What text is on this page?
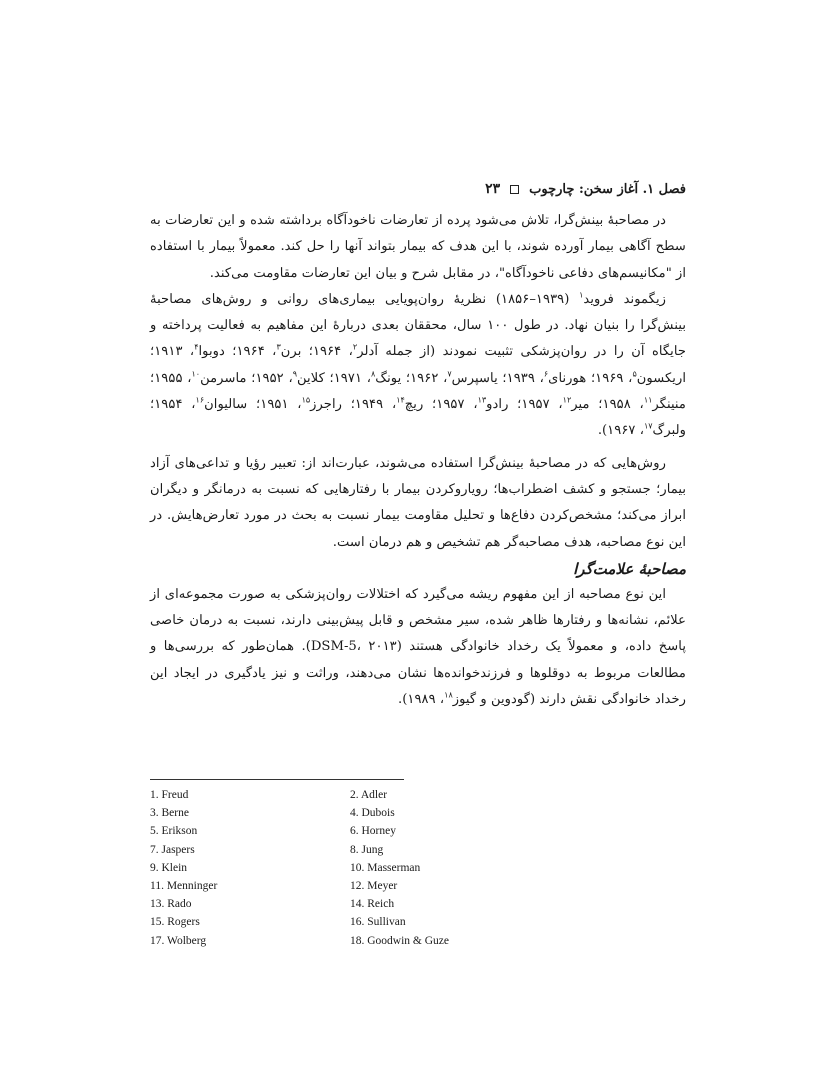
فصل ۱. آغاز سخن: چارچوب
۲۳

در مصاحبهٔ بینش‌گرا، تلاش می‌شود پرده از تعارضات ناخودآگاه برداشته شده و این تعارضات به سطح آگاهی بیمار آورده شوند، با این هدف که بیمار بتواند آنها را حل کند. معمولاً بیمار با استفاده از "مکانیسم‌های دفاعی ناخودآگاه"، در مقابل شرح و بیان این تعارضات مقاومت می‌کند.

زیگموند فروید$^۱$ (۱۹۳۹–۱۸۵۶) نظریهٔ روان‌پویایی بیماری‌های روانی و روش‌های مصاحبهٔ بینش‌گرا را بنیان نهاد. در طول ۱۰۰ سال، محققان بعدی دربارهٔ این مفاهیم به فعالیت پرداخته و جایگاه آن را در روان‌پزشکی تثبیت نمودند (از جمله آدلر$^۲$، ۱۹۶۴؛ برن$^۳$، ۱۹۶۴؛ دوبوا$^۴$، ۱۹۱۳؛ اریکسون$^۵$، ۱۹۶۹؛ هورنای$^۶$، ۱۹۳۹؛ یاسپرس$^۷$، ۱۹۶۲؛ یونگ$^۸$، ۱۹۷۱؛ کلاین$^۹$، ۱۹۵۲؛ ماسرمن$^{۱۰}$، ۱۹۵۵؛ منینگر$^{۱۱}$، ۱۹۵۸؛ میر$^{۱۲}$، ۱۹۵۷؛ رادو$^{۱۳}$، ۱۹۵۷؛ ریچ$^{۱۴}$، ۱۹۴۹؛ راجرز$^{۱۵}$، ۱۹۵۱؛ سالیوان$^{۱۶}$، ۱۹۵۴؛ ولبرگ$^{۱۷}$، ۱۹۶۷).

روش‌هایی که در مصاحبهٔ بینش‌گرا استفاده می‌شوند، عبارت‌اند از: تعبیر رؤیا و تداعی‌های آزاد بیمار؛ جستجو و کشف اضطراب‌ها؛ رویاروکردن بیمار با رفتارهایی که نسبت به درمانگر و دیگران ابراز می‌کند؛ مشخص‌کردن دفاع‌ها و تحلیل مقاومت بیمار نسبت به بحث در مورد تعارض‌هایش. در این نوع مصاحبه، هدف مصاحبه‌گر هم تشخیص و هم درمان است.

مصاحبهٔ علامت‌گرا

این نوع مصاحبه از این مفهوم ریشه می‌گیرد که اختلالات روان‌پزشکی به صورت مجموعه‌ای از علائم، نشانه‌ها و رفتارها ظاهر شده، سیر مشخص و قابل پیش‌بینی دارند، نسبت به درمان خاصی پاسخ داده، و معمولاً یک رخداد خانوادگی هستند (DSM-5، ۲۰۱۳). همان‌طور که بررسی‌ها و مطالعات مربوط به دوقلوها و فرزندخوانده‌ها نشان می‌دهند، وراثت و نیز یادگیری در ایجاد این رخداد خانوادگی نقش دارند (گودوین و گیوز$^{۱۸}$، ۱۹۸۹).

1. Freud	2. Adler
3. Berne	4. Dubois
5. Erikson	6. Horney
7. Jaspers	8. Jung
9. Klein	10. Masserman
11. Menninger	12. Meyer
13. Rado	14. Reich
15. Rogers	16. Sullivan
17. Wolberg	18. Goodwin & Guze
